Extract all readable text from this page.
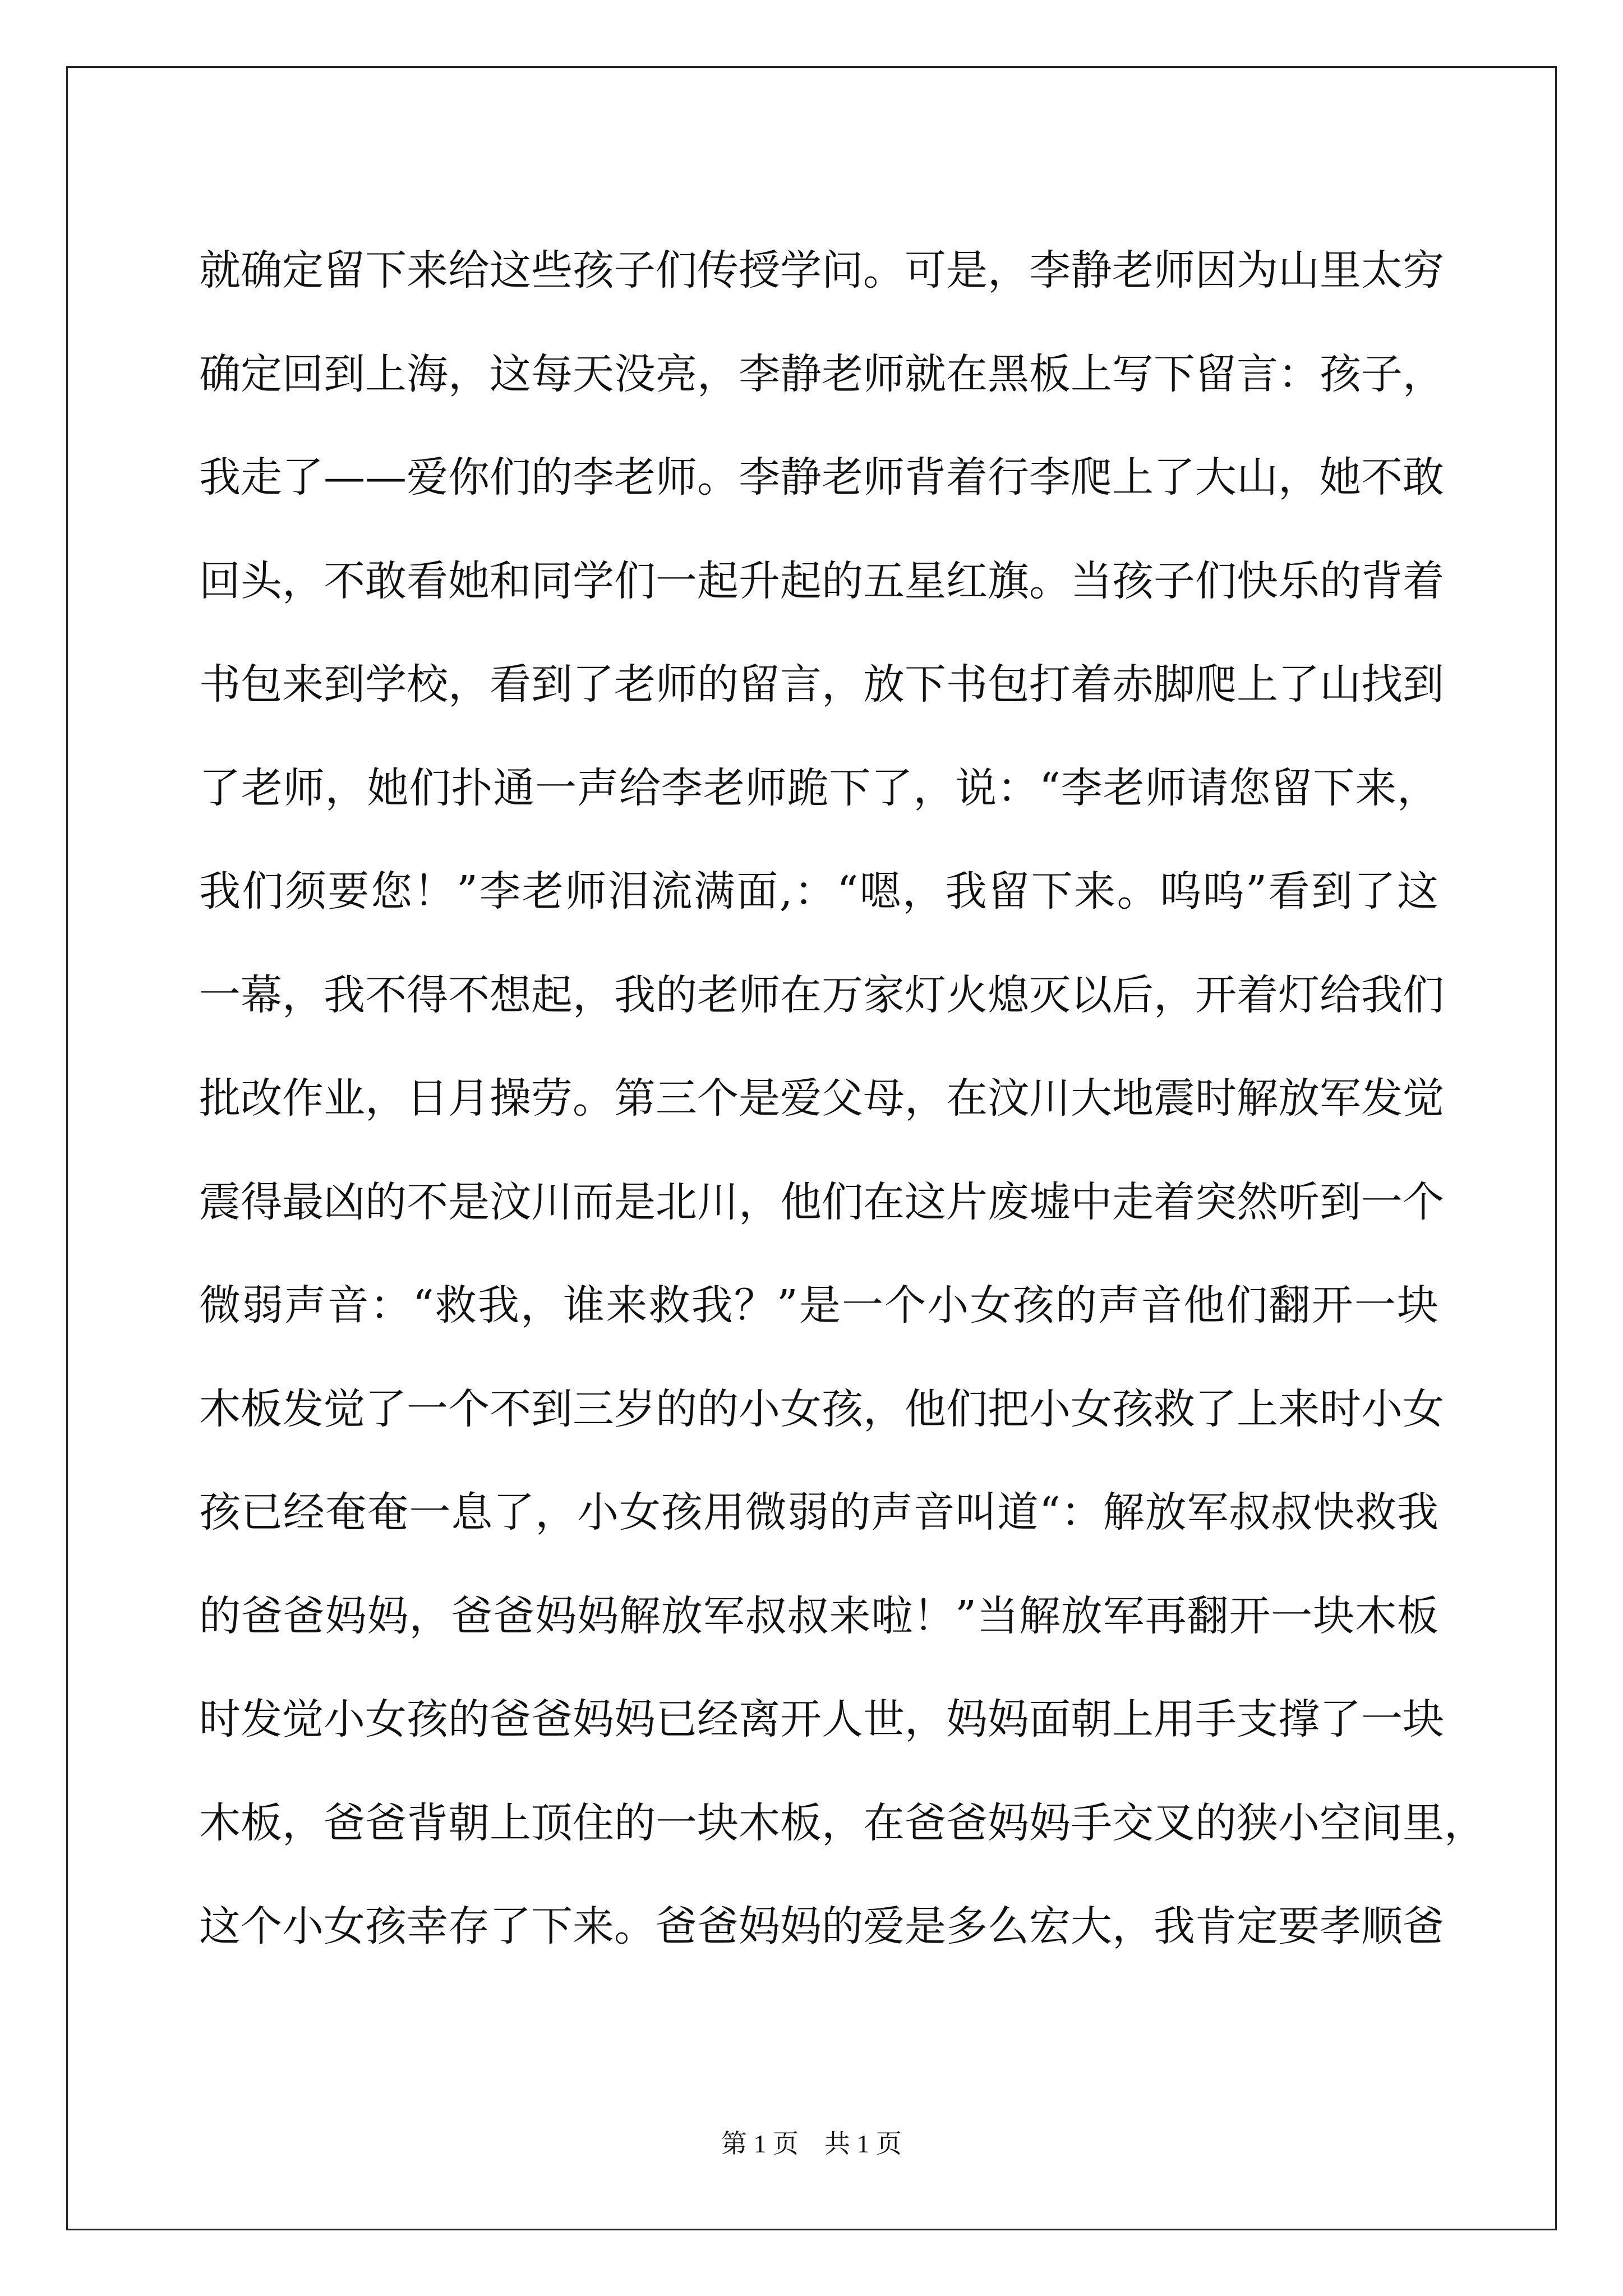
就确定留下来给这些孩子们传授学问。可是，李静老师因为山里太穷
确定回到上海，这每天没亮，李静老师就在黑板上写下留言：孩子，
我走了——爱你们的李老师。李静老师背着行李爬上了大山，她不敢
回头，不敢看她和同学们一起升起的五星红旗。当孩子们快乐的背着
书包来到学校，看到了老师的留言，放下书包打着赤脚爬上了山找到
了老师，她们扑通一声给李老师跪下了，说：“李老师请您留下来，
我们须要您！”李老师泪流满面,：“嗯，我留下来。呜呜”看到了这
一幕，我不得不想起，我的老师在万家灯火熄灭以后，开着灯给我们
批改作业，日月操劳。第三个是爱父母，在汶川大地震时解放军发觉
震得最凶的不是汶川而是北川，他们在这片废墟中走着突然听到一个
微弱声音：“救我，谁来救我？”是一个小女孩的声音他们翻开一块
木板发觉了一个不到三岁的的小女孩，他们把小女孩救了上来时小女
孩已经奄奄一息了，小女孩用微弱的声音叫道“：解放军叔叔快救我
的爸爸妈妈，爸爸妈妈解放军叔叔来啦！”当解放军再翻开一块木板
时发觉小女孩的爸爸妈妈已经离开人世，妈妈面朝上用手支撑了一块
木板，爸爸背朝上顶住的一块木板，在爸爸妈妈手交叉的狭小空间里，
这个小女孩幸存了下来。爸爸妈妈的爱是多么宏大，我肯定要孝顺爸
第 1 页    共 1 页
